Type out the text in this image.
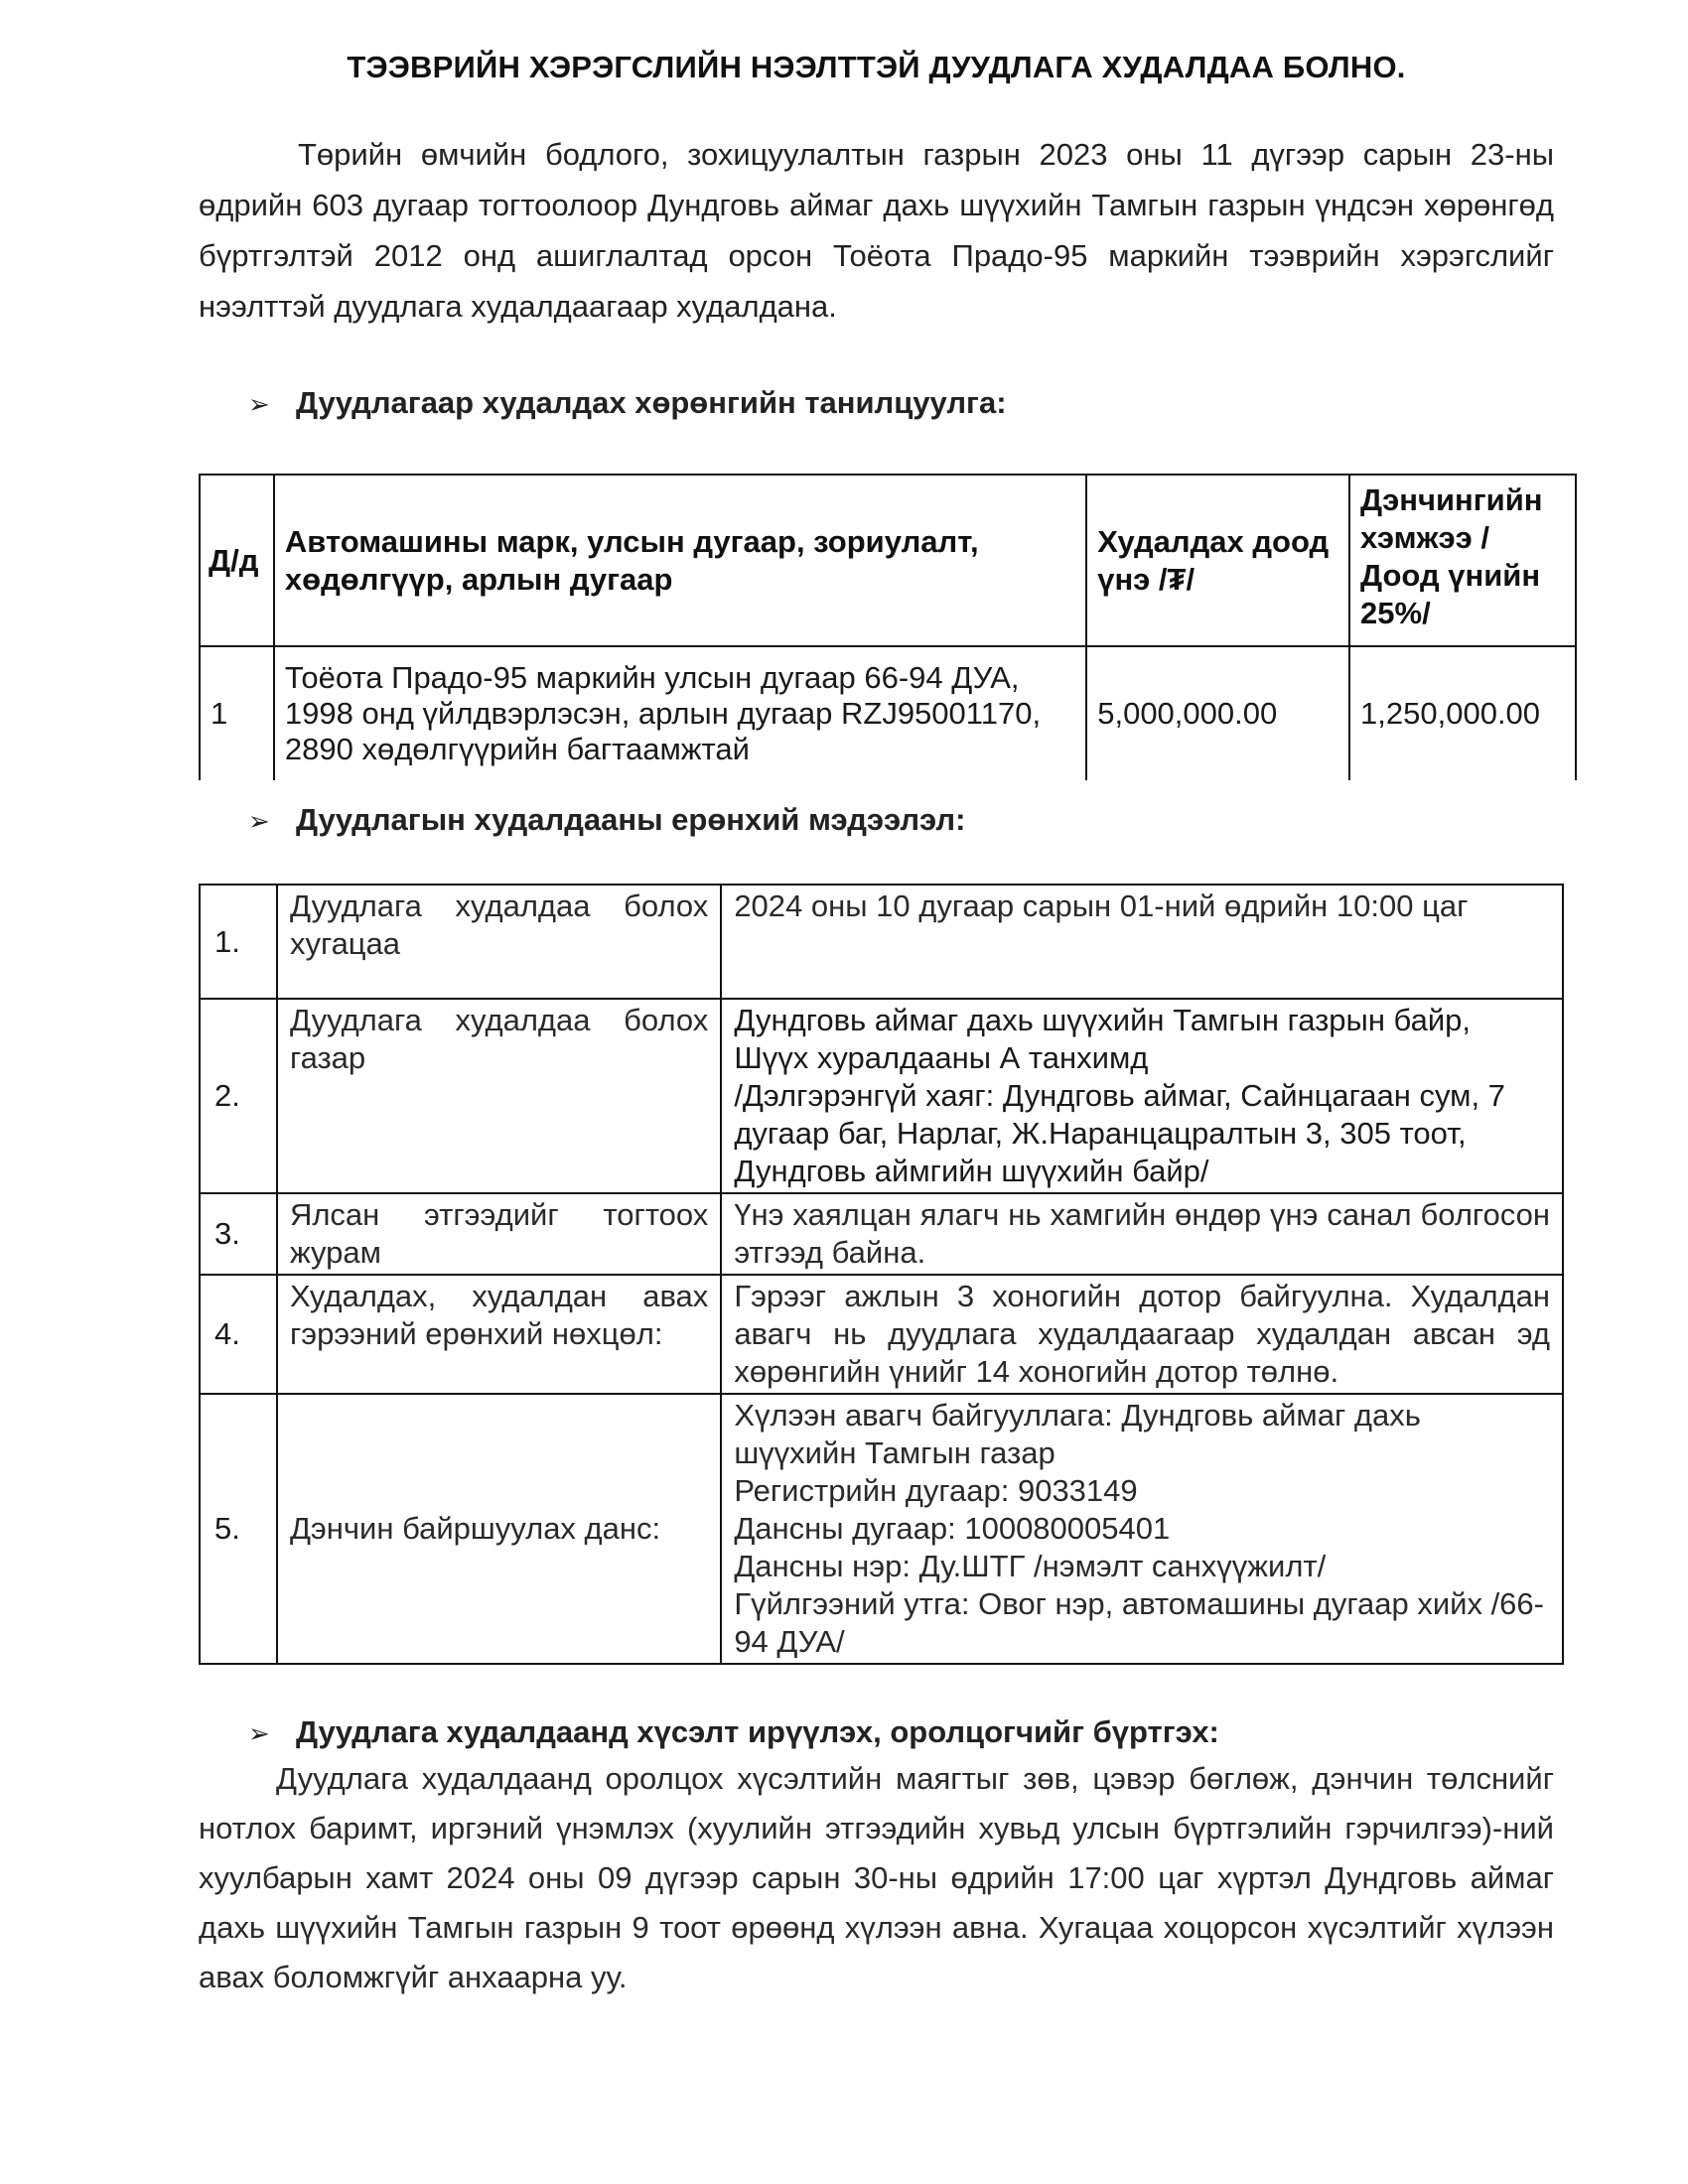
ТЭЭВРИЙН ХЭРЭГСЛИЙН НЭЭЛТТЭЙ ДУУДЛАГА ХУДАЛДАА БОЛНО.
Төрийн өмчийн бодлого, зохицуулалтын газрын 2023 оны 11 дүгээр сарын 23-ны өдрийн 603 дугаар тогтоолоор Дундговь аймаг дахь шүүхийн Тамгын газрын үндсэн хөрөнгөд бүртгэлтэй 2012 онд ашиглалтад орсон Тоёота Прадо-95 маркийн тээврийн хэрэгслийг нээлттэй дуудлага худалдаагаар худалдана.
➢ Дуудлагаар худалдах хөрөнгийн танилцуулга:
Д/д	Автомашины марк, улсын дугаар, зориулалт, хөдөлгүүр, арлын дугаар	Худалдах доод үнэ /₮/	Дэнчингийн хэмжээ /Доод үнийн 25%/
1	Тоёота Прадо-95 маркийн улсын дугаар 66-94 ДУА, 1998 онд үйлдвэрлэсэн, арлын дугаар RZJ95001170, 2890 хөдөлгүүрийн багтаамжтай	5,000,000.00	1,250,000.00
➢ Дуудлагын худалдааны ерөнхий мэдээлэл:
1.	Дуудлага худалдаа болох хугацаа	2024 оны 10 дугаар сарын 01-ний өдрийн 10:00 цаг

2.	Дуудлага худалдаа болох газар	Дундговь аймаг дахь шүүхийн Тамгын газрын байр, Шүүх хуралдааны А танхимд
/Дэлгэрэнгүй хаяг: Дундговь аймаг, Сайнцагаан сум, 7 дугаар баг, Нарлаг, Ж.Наранцацралтын 3, 305 тоот, Дундговь аймгийн шүүхийн байр/

3.	Ялсан этгээдийг тогтоох журам	Үнэ хаялцан ялагч нь хамгийн өндөр үнэ санал болгосон этгээд байна.

4.	Худалдах, худалдан авах гэрээний ерөнхий нөхцөл:	Гэрээг ажлын 3 хоногийн дотор байгуулна. Худалдан авагч нь дуудлага худалдаагаар худалдан авсан эд хөрөнгийн үнийг 14 хоногийн дотор төлнө.

5.	Дэнчин байршуулах данс:	Хүлээн авагч байгууллага: Дундговь аймаг дахь шүүхийн Тамгын газар
Регистрийн дугаар: 9033149
Дансны дугаар: 100080005401
Дансны нэр: Ду.ШТГ /нэмэлт санхүүжилт/
Гүйлгээний утга: Овог нэр, автомашины дугаар хийх /66-94 ДУА/
➢ Дуудлага худалдаанд хүсэлт ирүүлэх, оролцогчийг бүртгэх:
Дуудлага худалдаанд оролцох хүсэлтийн маягтыг зөв, цэвэр бөглөж, дэнчин төлснийг нотлох баримт, иргэний үнэмлэх (хуулийн этгээдийн хувьд улсын бүртгэлийн гэрчилгээ)-ний хуулбарын хамт 2024 оны 09 дүгээр сарын 30-ны өдрийн 17:00 цаг хүртэл Дундговь аймаг дахь шүүхийн Тамгын газрын 9 тоот өрөөнд хүлээн авна. Хугацаа хоцорсон хүсэлтийг хүлээн авах боломжгүйг анхаарна уу.
